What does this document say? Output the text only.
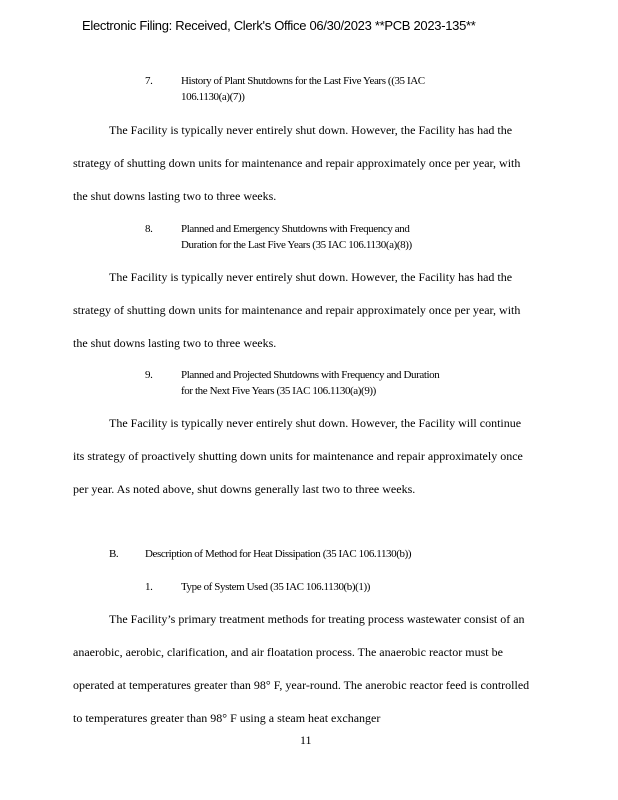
Electronic Filing: Received, Clerk's Office 06/30/2023 **PCB 2023-135**
7.	History of Plant Shutdowns for the Last Five Years ((35 IAC
106.1130(a)(7))

The Facility is typically never entirely shut down. However, the Facility has had the strategy of shutting down units for maintenance and repair approximately once per year, with the shut downs lasting two to three weeks.

8.	Planned and Emergency Shutdowns with Frequency and
Duration for the Last Five Years (35 IAC 106.1130(a)(8))

The Facility is typically never entirely shut down. However, the Facility has had the strategy of shutting down units for maintenance and repair approximately once per year, with the shut downs lasting two to three weeks.

9.	Planned and Projected Shutdowns with Frequency and Duration
for the Next Five Years (35 IAC 106.1130(a)(9))

The Facility is typically never entirely shut down. However, the Facility will continue its strategy of proactively shutting down units for maintenance and repair approximately once per year. As noted above, shut downs generally last two to three weeks.

B. Description of Method for Heat Dissipation (35 IAC 106.1130(b))
1.	Type of System Used (35 IAC 106.1130(b)(1))

The Facility’s primary treatment methods for treating process wastewater consist of an anaerobic, aerobic, clarification, and air floatation process. The anaerobic reactor must be operated at temperatures greater than 98° F, year-round. The anerobic reactor feed is controlled to temperatures greater than 98° F using a steam heat exchanger

11
